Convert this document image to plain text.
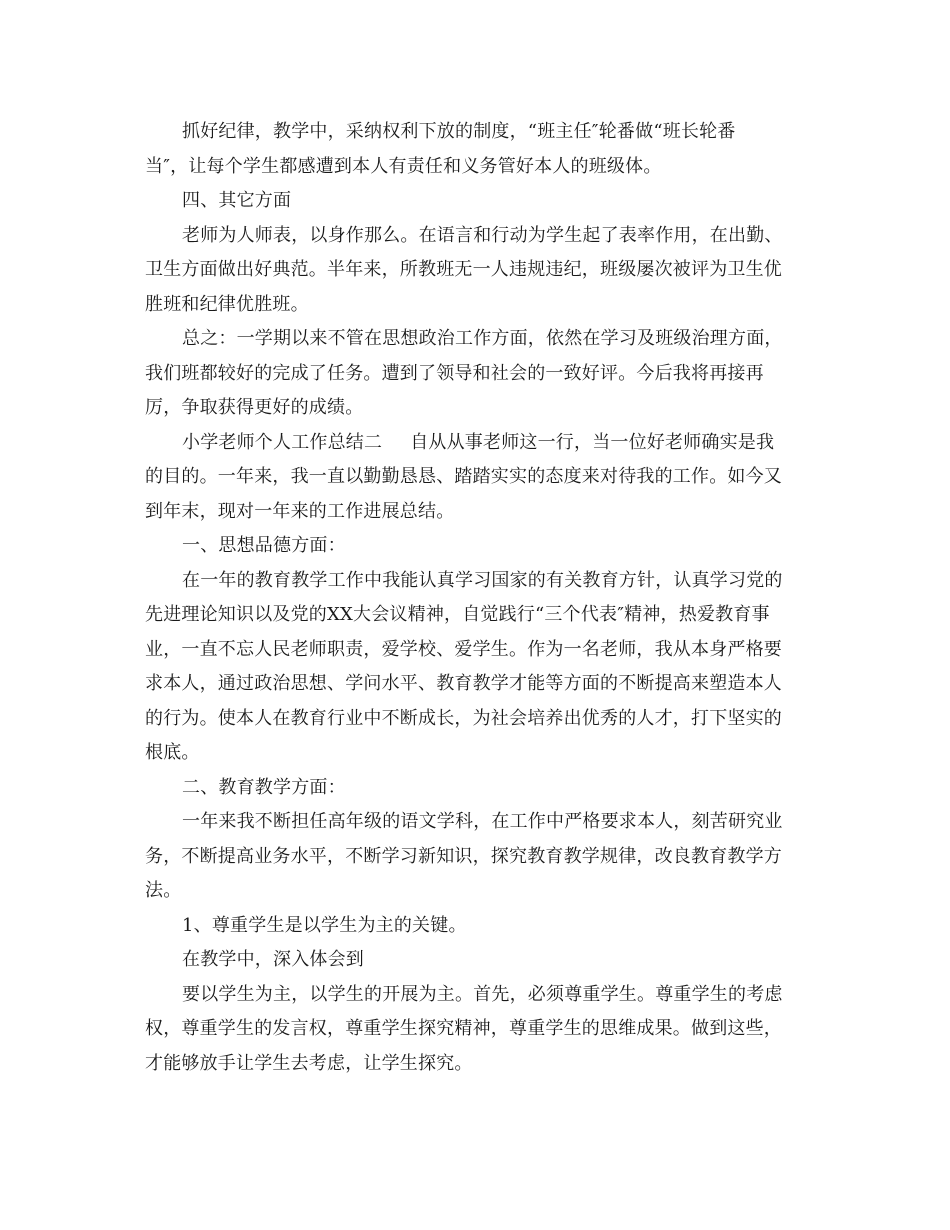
抓好纪律，教学中，采纳权利下放的制度，“班主任″轮番做“班长轮番
当″，让每个学生都感遭到本人有责任和义务管好本人的班级体。
四、其它方面
老师为人师表，以身作那么。在语言和行动为学生起了表率作用，在出勤、
卫生方面做出好典范。半年来，所教班无一人违规违纪，班级屡次被评为卫生优
胜班和纪律优胜班。
总之：一学期以来不管在思想政治工作方面，依然在学习及班级治理方面，
我们班都较好的完成了任务。遭到了领导和社会的一致好评。今后我将再接再
厉，争取获得更好的成绩。
小学老师个人工作总结二 自从从事老师这一行，当一位好老师确实是我
的目的。一年来，我一直以勤勤恳恳、踏踏实实的态度来对待我的工作。如今又
到年末，现对一年来的工作进展总结。
一、思想品德方面：
在一年的教育教学工作中我能认真学习国家的有关教育方针，认真学习党的
先进理论知识以及党的XX大会议精神，自觉践行“三个代表″精神，热爱教育事
业，一直不忘人民老师职责，爱学校、爱学生。作为一名老师，我从本身严格要
求本人，通过政治思想、学问水平、教育教学才能等方面的不断提高来塑造本人
的行为。使本人在教育行业中不断成长，为社会培养出优秀的人才，打下坚实的
根底。
二、教育教学方面：
一年来我不断担任高年级的语文学科，在工作中严格要求本人，刻苦研究业
务，不断提高业务水平，不断学习新知识，探究教育教学规律，改良教育教学方
法。
1、尊重学生是以学生为主的关键。
在教学中，深入体会到
要以学生为主，以学生的开展为主。首先，必须尊重学生。尊重学生的考虑
权，尊重学生的发言权，尊重学生探究精神，尊重学生的思维成果。做到这些，
才能够放手让学生去考虑，让学生探究。
